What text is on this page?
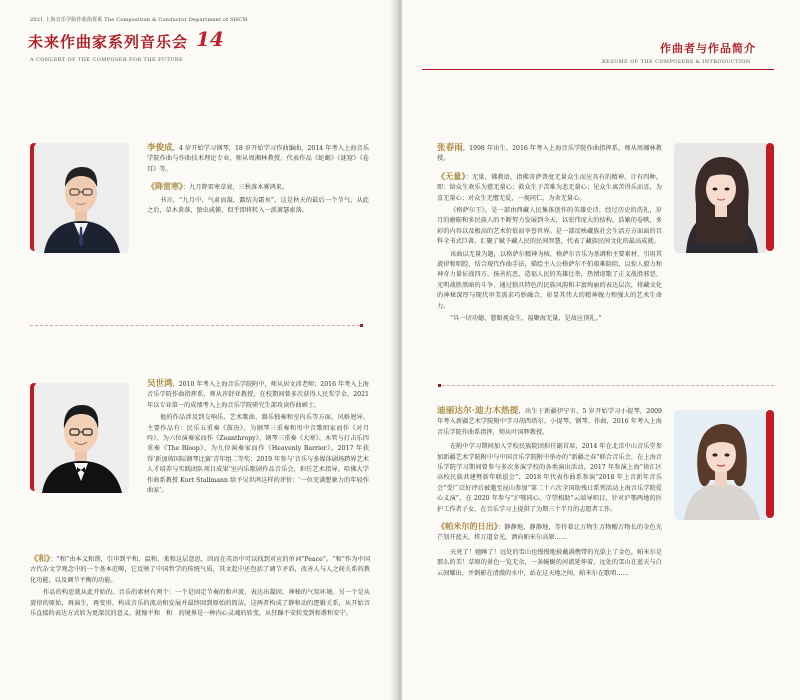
2021 上海音乐学院作曲指挥系 The Composition & Conductor Department of SHCM
未来作曲家系列音乐会 14
A CONCERT OF THE COMPOSER FOR THE FUTURE

李俊成，4 岁开始学习钢琴，18 岁开始学习作曲编曲，2014 年考入上海音乐学院作曲与作曲技术理论专业，师从周湘林教授。代表作品《蛇蝎》《谜窟》《卷耳》等。

《降雷寒》：九月降雷寒草衰，三秋落木雾鸿来。

书言，“九月中，气肃而凝，露结为霜矣”。这是秋天的最后一个节气，从此之后，草木黄落，蛰虫咸俯，似乎即将转入一派萧瑟索落。

吴世鸿，2010 年考入上海音乐学院附中，师从居文沛老师；2016 年考入上海音乐学院作曲指挥系，师从许舒亚教授，在校期间曾多次获得人民奖学金，2021 年以专业第一的成绩考入上海音乐学院研究生部攻读作曲硕士。

他的作品涉及到交响乐、艺术歌曲、器乐独奏和室内乐等方面，风格迥异。主要作品有：民乐五重奏《鼓决》、为钢琴三重奏和男中音歌唱家而作《对月吟》、为六位演奏家而作《Zeanthropy》、钢琴三重奏《大寒》、木管与打击乐四重奏《The Bloop》、为九位演奏家而作《Heavenly Barrier》。2017 年获得‘新加坡国际钢琴比赛’青年组二等奖；2019 年参与‘音乐与多媒体剧场跨界艺术人才培养与实践团队项目成果’室内乐歌剧作品音乐会，担任艺术指导。哈佛大学作曲系教授 Kurt Stallmann 给予吴世鸿这样的评价：‘一位充满想象力的年轻作曲家’。

《和》：“和”由本义和谐，引申到平和、温和、柔和这层意思，因而在英语中可以找到对应的单词“Peace”。“和”作为中国古代杂文学观念中的一个基本范畴，它反映了中国哲学的传统气质，其文起中还包括了调节矛盾，改善人与人之间关系的教化功能，以及调节平衡的功能。

作品的构思就从此开始的。音乐的素材有两个：一个是固定节奏的和声流，表达出凝固、神秘的气氛环境。另一个是从旋律的原始，再演生，再变形，构成音乐的流动和发展并最终回到原始的简洁。这两者构成了静和动的逻辑关系，从开始音乐直接的表达方式转为更深沉的意义。就像平和　和　的境界是一种内心灵魂的转变，从狂躁不安转变到和谐和安宁。

作曲者与作品简介
RESUME OF THE COMPOSERS & INTRODUCTION

张春雨，1998 年出生，2016 年考入上海音乐学院作曲指挥系，师从周湘林教授。

《无量》：无量，佛教语，指佛菩萨普度无量众生而应具有的精神，计有四种，即：给众生欢乐为慈无量心；救众生于苦难为悲无量心；见众生离苦得乐而喜，为喜无量心；对众生无憎无爱，一视同仁，为舍无量心。

《格萨尔王》，是一部由西藏人民集体创作的英雄史诗，经过历史的洗礼，岁月的磨砺和多民族人的不断努力发展到今天，以宏伟庞大的结构，浩繁的卷帙，多彩的内容以及极高的艺术价值而享誉世界。是一部反映藏族社会生活方方面面的百科全书式巨著，汇聚了赋予藏人民的民间智慧，代表了藏族民间文化的最高成就。

该曲以无量为题，以格萨尔精神为核，格萨尔音乐为基调和主要素材，引用其旋律和唱腔，结合现代作曲手法，描绘主人公格萨尔不怕艰难险阻，以惊人毅力和神奇力量征战四方，扬善抗恶，造福人民的英雄壮举，热情讴歌了正义战胜邪恶、光明战胜黑暗的斗争，通过独具特色的民族风韵和丰富绚丽的表达层次，将藏文化的神秘深厚与现代审美需求巧妙融合，彰显其伟大的精神魄力和强大的艺术生命力。

“具一切功德，慈眼视众生，福聚海无量，是故应顶礼。”

迪丽达尔·迪力木热提，出生于新疆伊宁市，5 岁开始学习小提琴，2009 年考入新疆艺术学院附中学习胡西塔尔、小提琴、钢琴、作曲，2016 年考入上海音乐学院作曲系指挥，师从叶国辉教授。

在附中学习期间加入学校民族院团担任副首席，2014 年在北京中山音乐堂参加新疆艺术学院附中与中国音乐学院附中举办的“新疆之春”联合音乐会，在上海音乐学院学习期间曾参与多次多演学校的各类演出活动，2017 年参演上海“徐汇区高校民族共建暨新年联谊会”，2018 年代表作曲系参演“2018 年上音新年音乐会”受广泛好评后被邀至昆山参加“第二十六次全国助残日系列活动上海音乐学院爱心义演”，在 2020 年参与“沪鄂同心，守望相助”云端导唱目，针对沪鄂两地的医护工作者子女，在音乐学习上提供了为期三个半月的志愿者工作。

《帕米尔的日出》：静静地、静静地，等待着让万物生万物醒万物长的金色光芒划开蓝天，将万道金光，洒向帕米尔高原……

天亮了！她睡了！远处的雪山也慢慢地披戴满携带的光染上了金色，帕米尔是那么的美！草原的景色一览无余，一条蜿蜒的河流延伸着，远处的雪山在蓝天与白云间耀出，并倒影在清澈的水中，站在这天地之间，帕米尔在歌唱……
